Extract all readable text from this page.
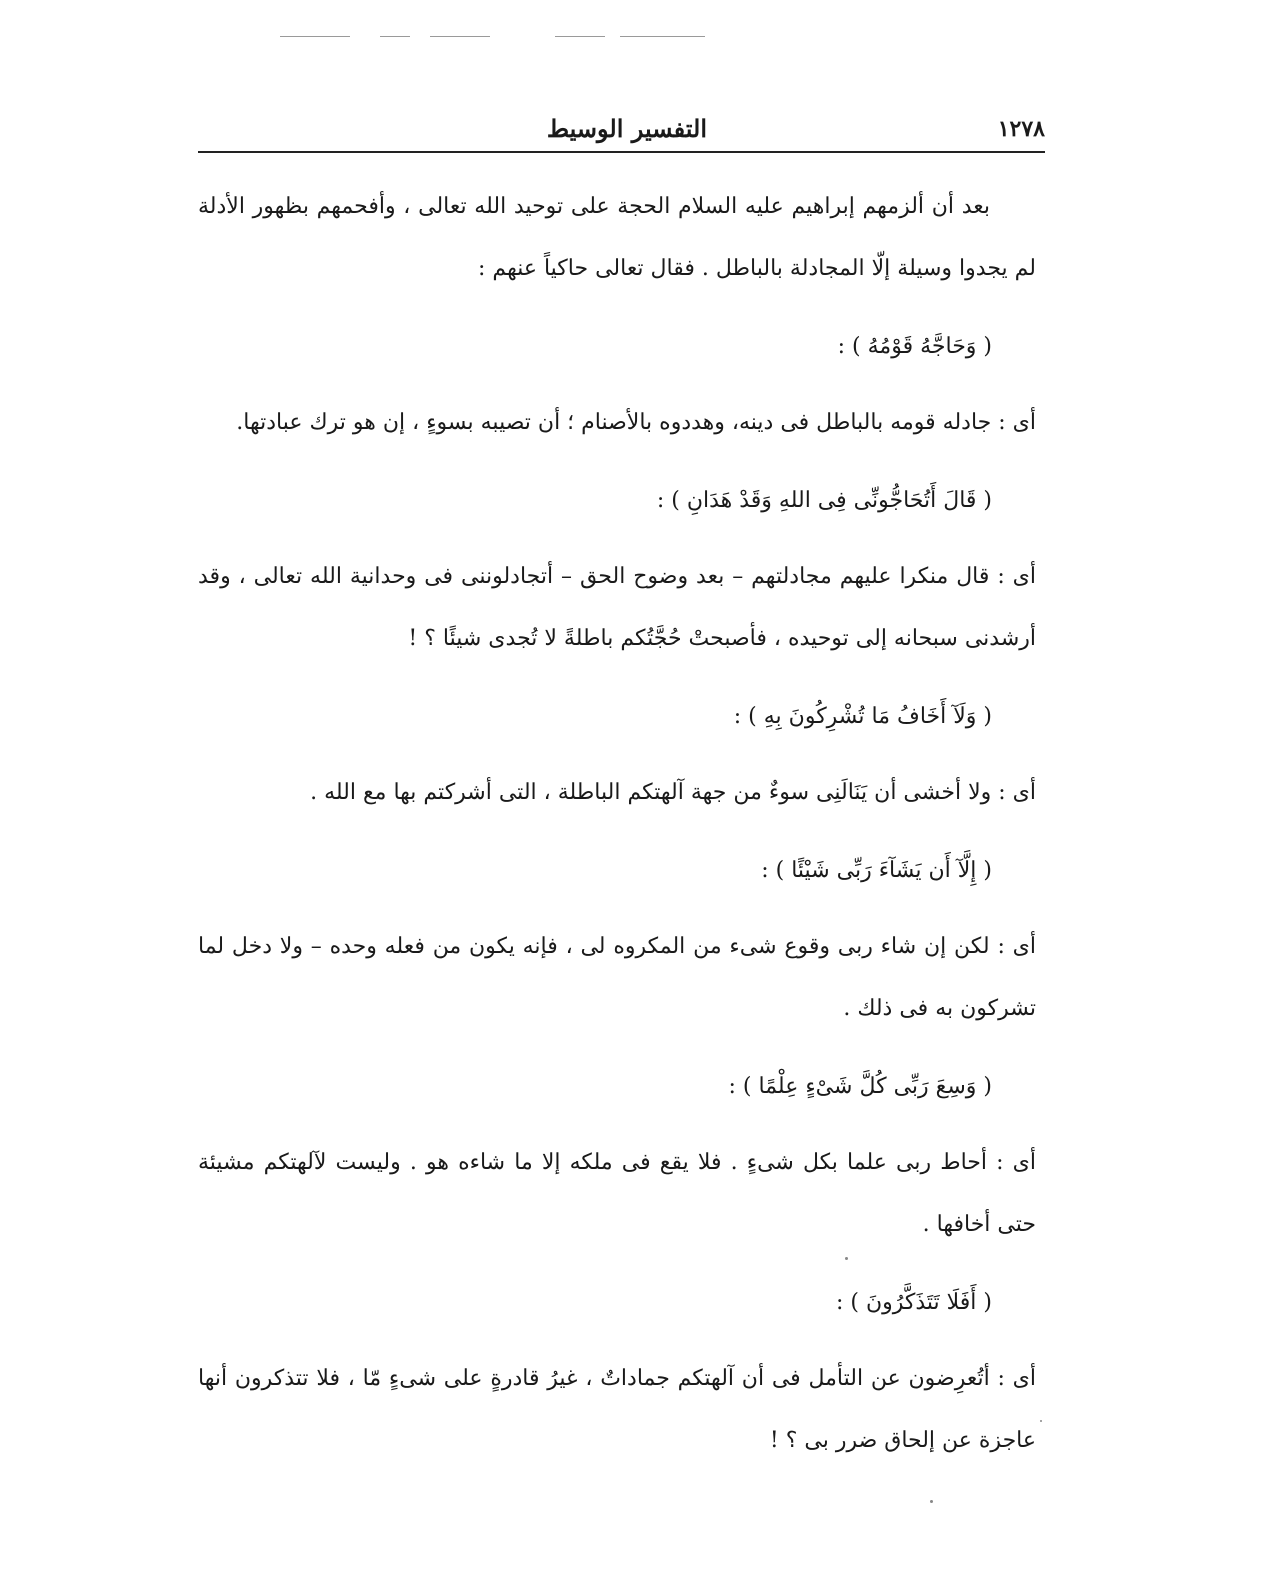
١٢٧٨
التفسير الوسيط

بعد أن ألزمهم إبراهيم عليه السلام الحجة على توحيد الله تعالى ، وأفحمهم بظهور الأدلة لم يجدوا وسيلة إلّا المجادلة بالباطل . فقال تعالى حاكياً عنهم :

( وَحَاجَّهُ قَوْمُهُ ) :

أى : جادله قومه بالباطل فى دينه، وهددوه بالأصنام ؛ أن تصيبه بسوءٍ ، إن هو ترك عبادتها.

( قَالَ أَتُحَاجُّونِّى فِى اللهِ وَقَدْ هَدَانِ ) :

أى : قال منكرا عليهم مجادلتهم – بعد وضوح الحق – أتجادلوننى فى وحدانية الله تعالى ، وقد أرشدنى سبحانه إلى توحيده ، فأصبحتْ حُجَّتُكم باطلةً لا تُجدى شيئًا ؟ !

( وَلَآ أَخَافُ مَا تُشْرِكُونَ بِهِ ) :

أى : ولا أخشى أن يَنَالَنِى سوءٌ من جهة آلهتكم الباطلة ، التى أشركتم بها مع الله .

( إِلَّآ أَن يَشَآءَ رَبِّى شَيْئًا ) :

أى : لكن إن شاء ربى وقوع شىء من المكروه لى ، فإنه يكون من فعله وحده – ولا دخل لما تشركون به فى ذلك .

( وَسِعَ رَبِّى كُلَّ شَىْءٍ عِلْمًا ) :

أى : أحاط ربى علما بكل شىءٍ . فلا يقع فى ملكه إلا ما شاءه هو . وليست لآلهتكم مشيئة حتى أخافها .

( أَفَلَا تَتَذَكَّرُونَ ) :

أى : أتُعرِضون عن التأمل فى أن آلهتكم جماداتٌ ، غيرُ قادرةٍ على شىءٍ مّا ، فلا تتذكرون أنها عاجزة عن إلحاق ضرر بى ؟ !
